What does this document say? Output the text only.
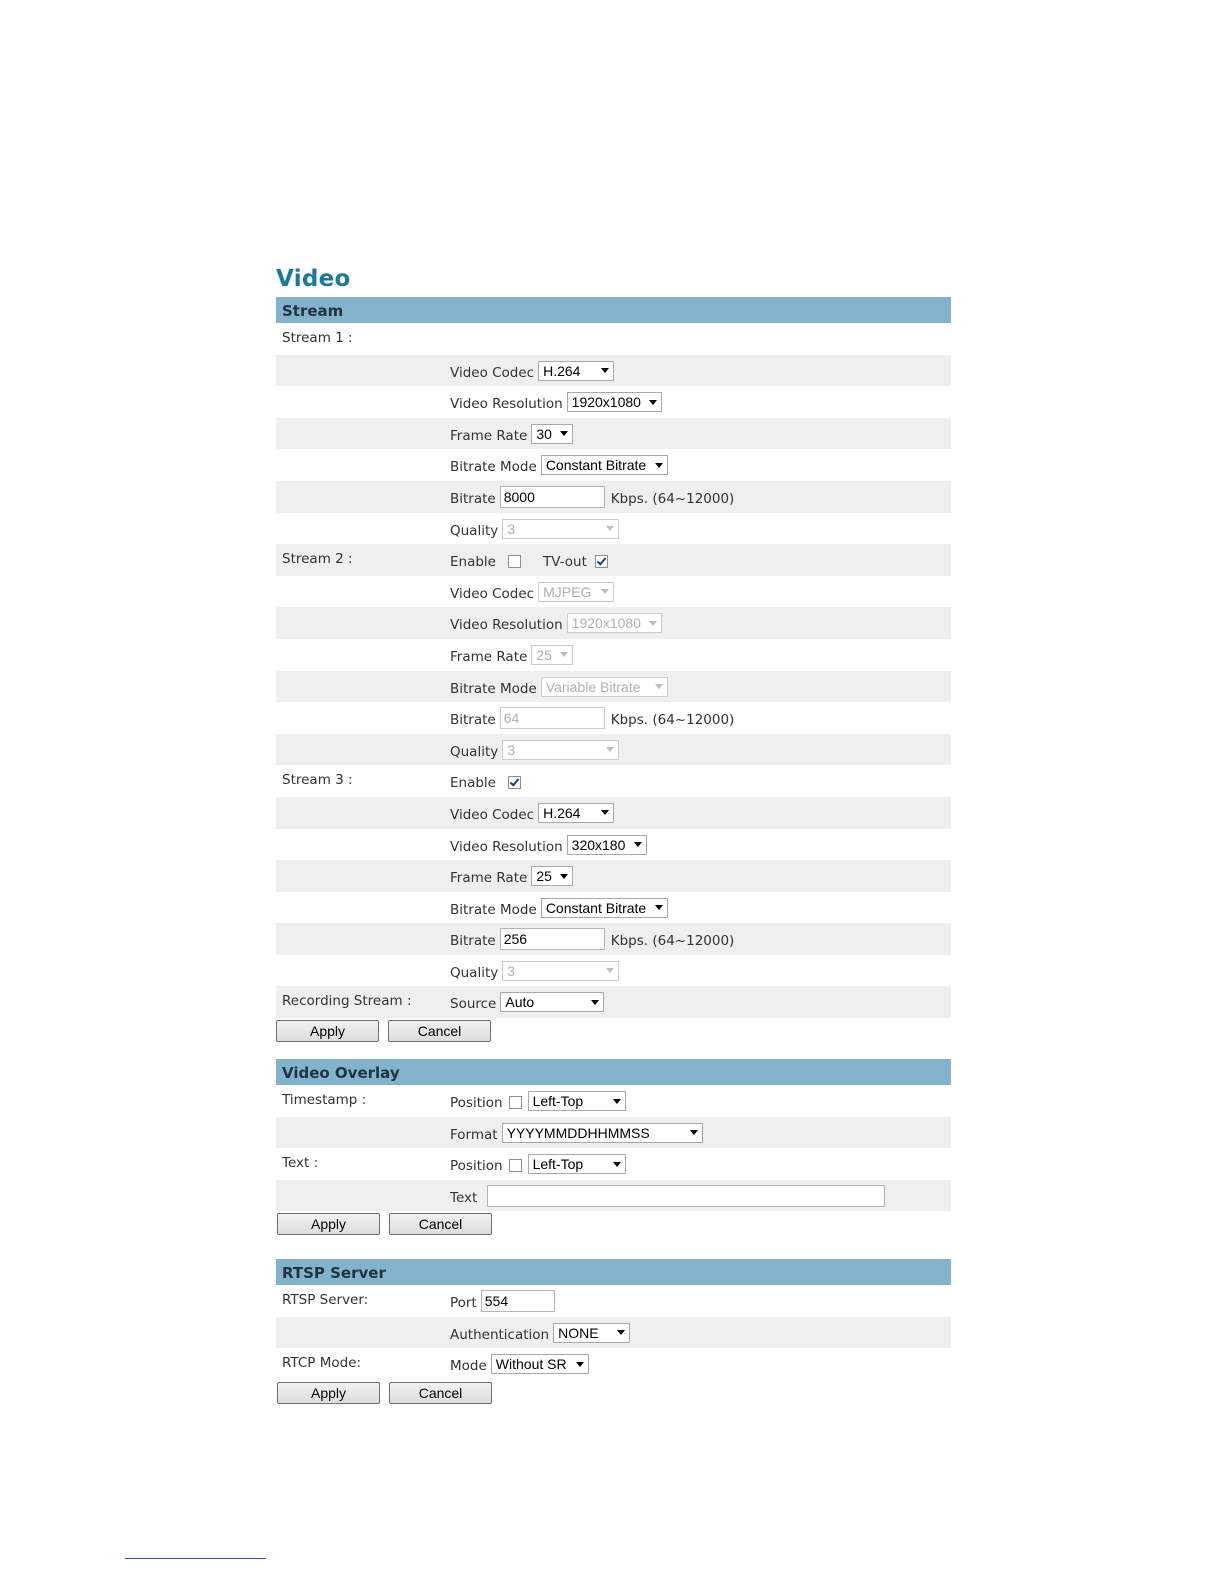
Video
Stream
Stream 1 :
Video Codec H.264
Video Resolution 1920x1080
Frame Rate 30
Bitrate Mode Constant Bitrate
Bitrate 8000	Kbps. (64~12000)
Quality 3
Stream 2 :	Enable	TV-out
Video Codec MJPEG
Video Resolution 1920x1080
Frame Rate 25
Bitrate Mode Variable Bitrate
Bitrate 64	Kbps. (64~12000)
Quality 3
Stream 3 :	Enable
Video Codec H.264
Video Resolution 320x180
Frame Rate 25
Bitrate Mode Constant Bitrate
Bitrate 256	Kbps. (64~12000)
Quality 3
Recording Stream :	Source Auto
Apply	Cancel
Video Overlay
Timestamp :	Position Left-Top
Format YYYYMMDDHHMMSS
Text :	Position Left-Top
Text
Apply	Cancel
RTSP Server
RTSP Server:	Port 554
Authentication NONE
RTCP Mode:	Mode Without SR
Apply	Cancel
